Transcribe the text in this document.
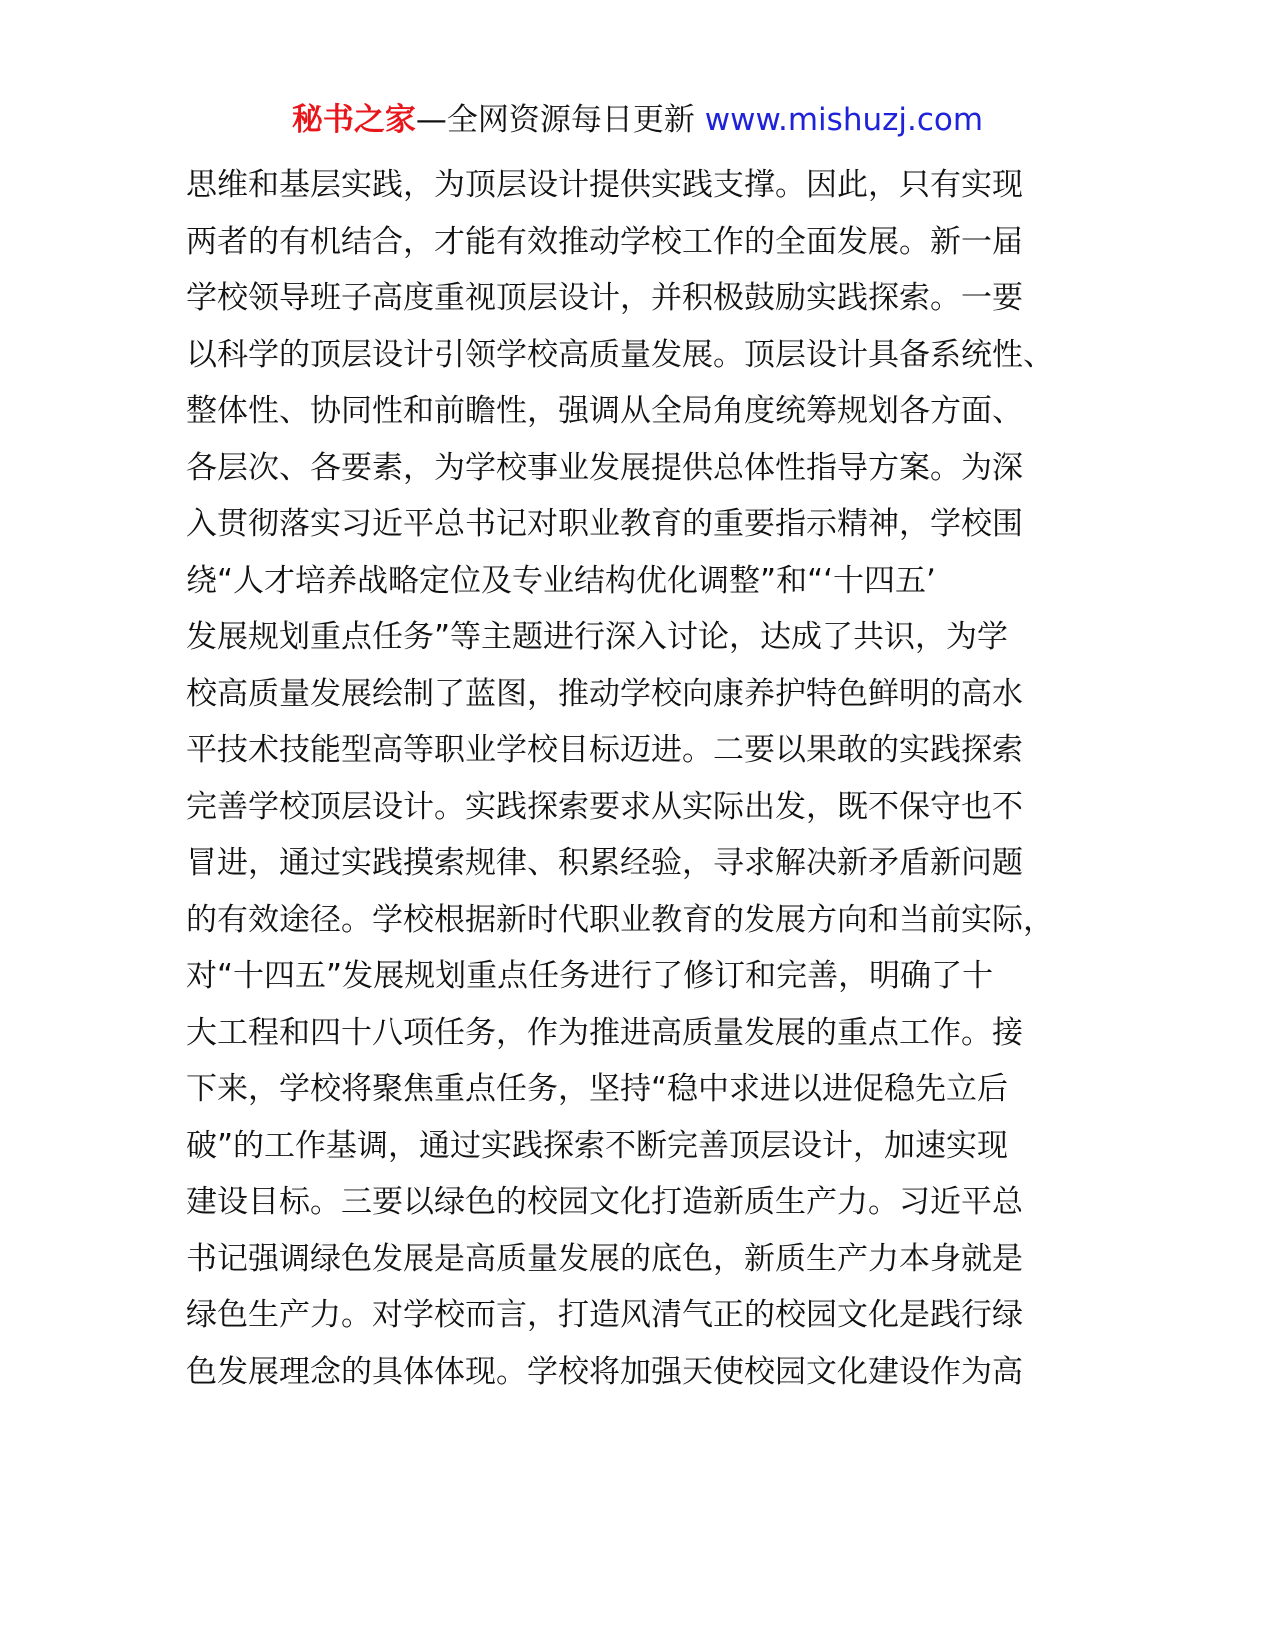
秘书之家—全网资源每日更新 www.mishuzj.com
思维和基层实践，为顶层设计提供实践支撑。因此，只有实现
两者的有机结合，才能有效推动学校工作的全面发展。新一届
学校领导班子高度重视顶层设计，并积极鼓励实践探索。一要
以科学的顶层设计引领学校高质量发展。顶层设计具备系统性、
整体性、协同性和前瞻性，强调从全局角度统筹规划各方面、
各层次、各要素，为学校事业发展提供总体性指导方案。为深
入贯彻落实习近平总书记对职业教育的重要指示精神，学校围
绕“人才培养战略定位及专业结构优化调整”和“‘十四五’
发展规划重点任务”等主题进行深入讨论，达成了共识，为学
校高质量发展绘制了蓝图，推动学校向康养护特色鲜明的高水
平技术技能型高等职业学校目标迈进。二要以果敢的实践探索
完善学校顶层设计。实践探索要求从实际出发，既不保守也不
冒进，通过实践摸索规律、积累经验，寻求解决新矛盾新问题
的有效途径。学校根据新时代职业教育的发展方向和当前实际，
对“十四五”发展规划重点任务进行了修订和完善，明确了十
大工程和四十八项任务，作为推进高质量发展的重点工作。接
下来，学校将聚焦重点任务，坚持“稳中求进以进促稳先立后
破”的工作基调，通过实践探索不断完善顶层设计，加速实现
建设目标。三要以绿色的校园文化打造新质生产力。习近平总
书记强调绿色发展是高质量发展的底色，新质生产力本身就是
绿色生产力。对学校而言，打造风清气正的校园文化是践行绿
色发展理念的具体体现。学校将加强天使校园文化建设作为高
